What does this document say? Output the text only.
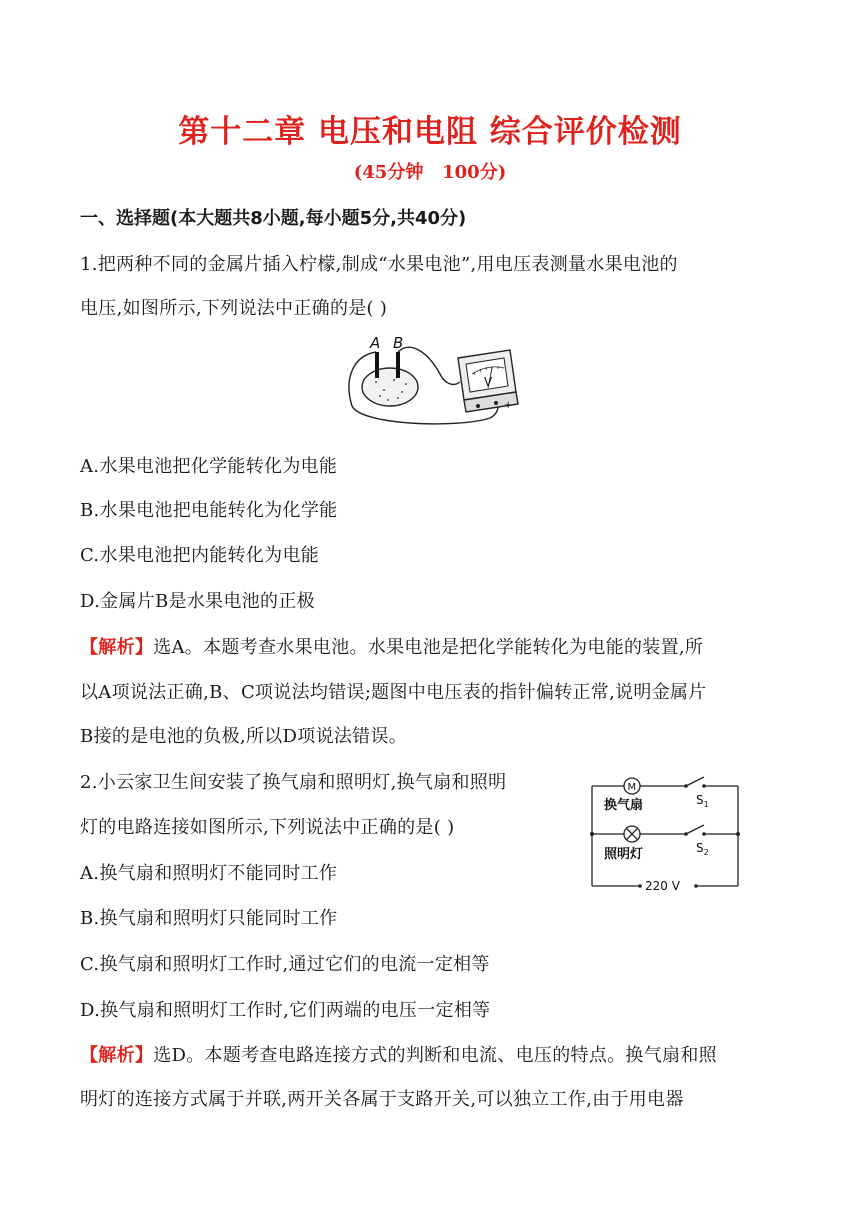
第十二章 电压和电阻 综合评价检测
(45分钟   100分)
一、选择题(本大题共8小题,每小题5分,共40分)
1.把两种不同的金属片插入柠檬,制成“水果电池”,用电压表测量水果电池的
电压,如图所示,下列说法中正确的是( )
A B
V
+
A.水果电池把化学能转化为电能
B.水果电池把电能转化为化学能
C.水果电池把内能转化为电能
D.金属片B是水果电池的正极
【解析】选A。本题考查水果电池。水果电池是把化学能转化为电能的装置,所
以A项说法正确,B、C项说法均错误;题图中电压表的指针偏转正常,说明金属片
B接的是电池的负极,所以D项说法错误。
2.小云家卫生间安装了换气扇和照明灯,换气扇和照明
灯的电路连接如图所示,下列说法中正确的是( )
M
换气扇	$S_1$
照明灯	$S_2$
220 V
A.换气扇和照明灯不能同时工作
B.换气扇和照明灯只能同时工作
C.换气扇和照明灯工作时,通过它们的电流一定相等
D.换气扇和照明灯工作时,它们两端的电压一定相等
【解析】选D。本题考查电路连接方式的判断和电流、电压的特点。换气扇和照
明灯的连接方式属于并联,两开关各属于支路开关,可以独立工作,由于用电器
